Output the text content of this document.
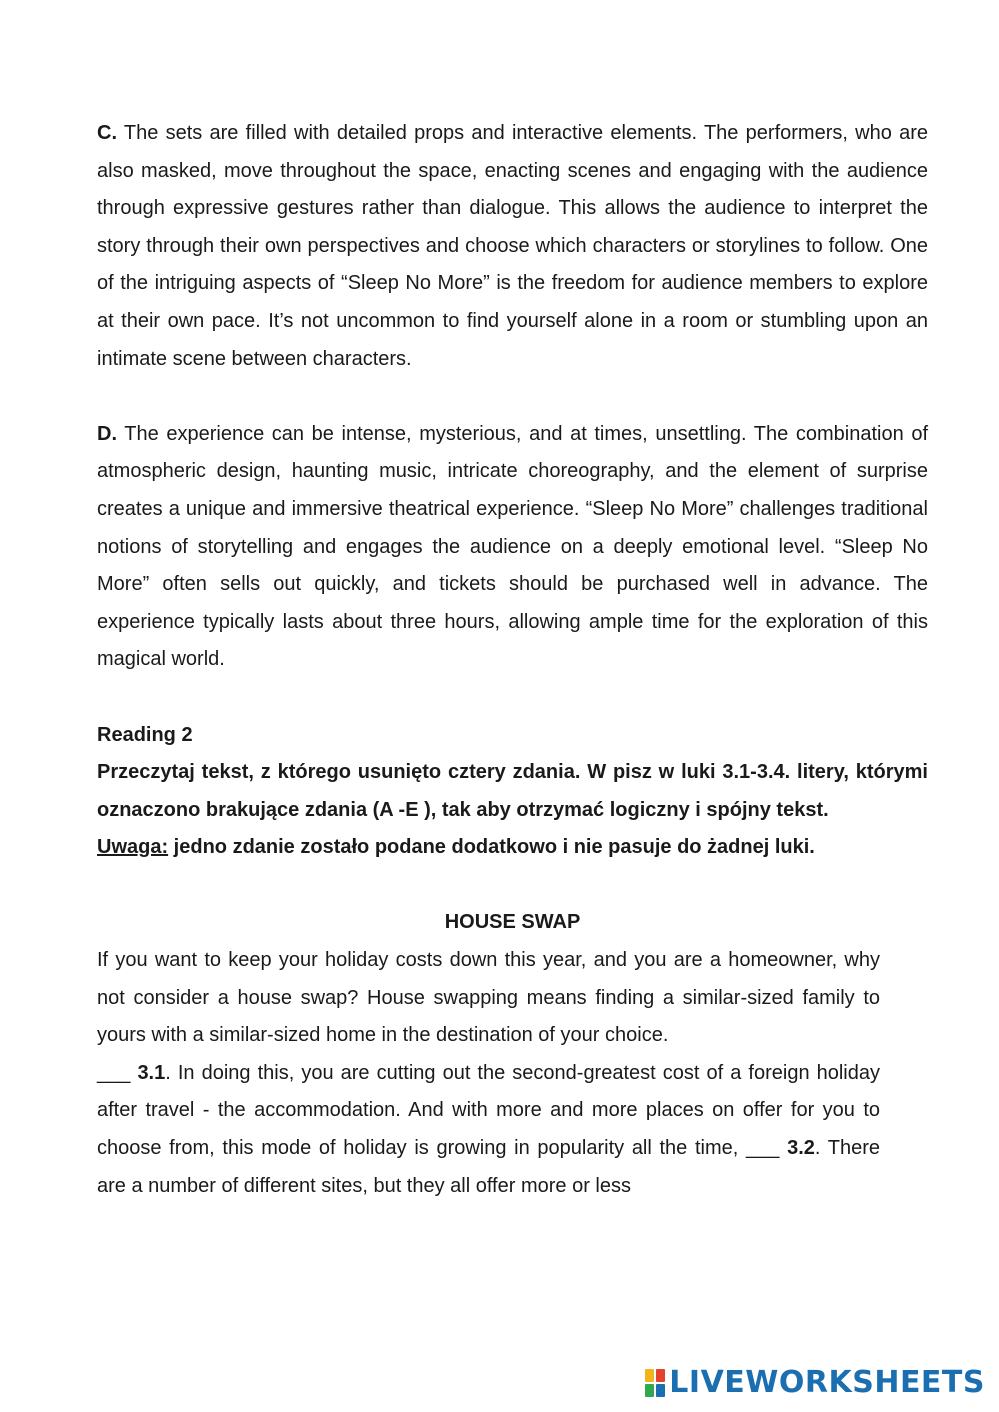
C. The sets are filled with detailed props and interactive elements. The performers, who are also masked, move throughout the space, enacting scenes and engaging with the audience through expressive gestures rather than dialogue. This allows the audience to interpret the story through their own perspectives and choose which characters or storylines to follow. One of the intriguing aspects of “Sleep No More” is the freedom for audience members to explore at their own pace. It’s not uncommon to find yourself alone in a room or stumbling upon an intimate scene between characters.

D. The experience can be intense, mysterious, and at times, unsettling. The combination of atmospheric design, haunting music, intricate choreography, and the element of surprise creates a unique and immersive theatrical experience. “Sleep No More” challenges traditional notions of storytelling and engages the audience on a deeply emotional level. “Sleep No More” often sells out quickly, and tickets should be purchased well in advance. The experience typically lasts about three hours, allowing ample time for the exploration of this magical world.

Reading 2

Przeczytaj tekst, z którego usunięto cztery zdania. W pisz w luki 3.1-3.4. litery, którymi oznaczono brakujące zdania (A -E ), tak aby otrzymać logiczny i spójny tekst.

Uwaga: jedno zdanie zostało podane dodatkowo i nie pasuje do żadnej luki.

HOUSE SWAP

If you want to keep your holiday costs down this year, and you are a homeowner, why not consider a house swap? House swapping means finding a similar-sized family to yours with a similar-sized home in the destination of your choice.

___ 3.1. In doing this, you are cutting out the second-greatest cost of a foreign holiday after travel - the accommodation. And with more and more places on offer for you to choose from, this mode of holiday is growing in popularity all the time, ___ 3.2. There are a number of different sites, but they all offer more or less

LIVEWORKSHEETS
